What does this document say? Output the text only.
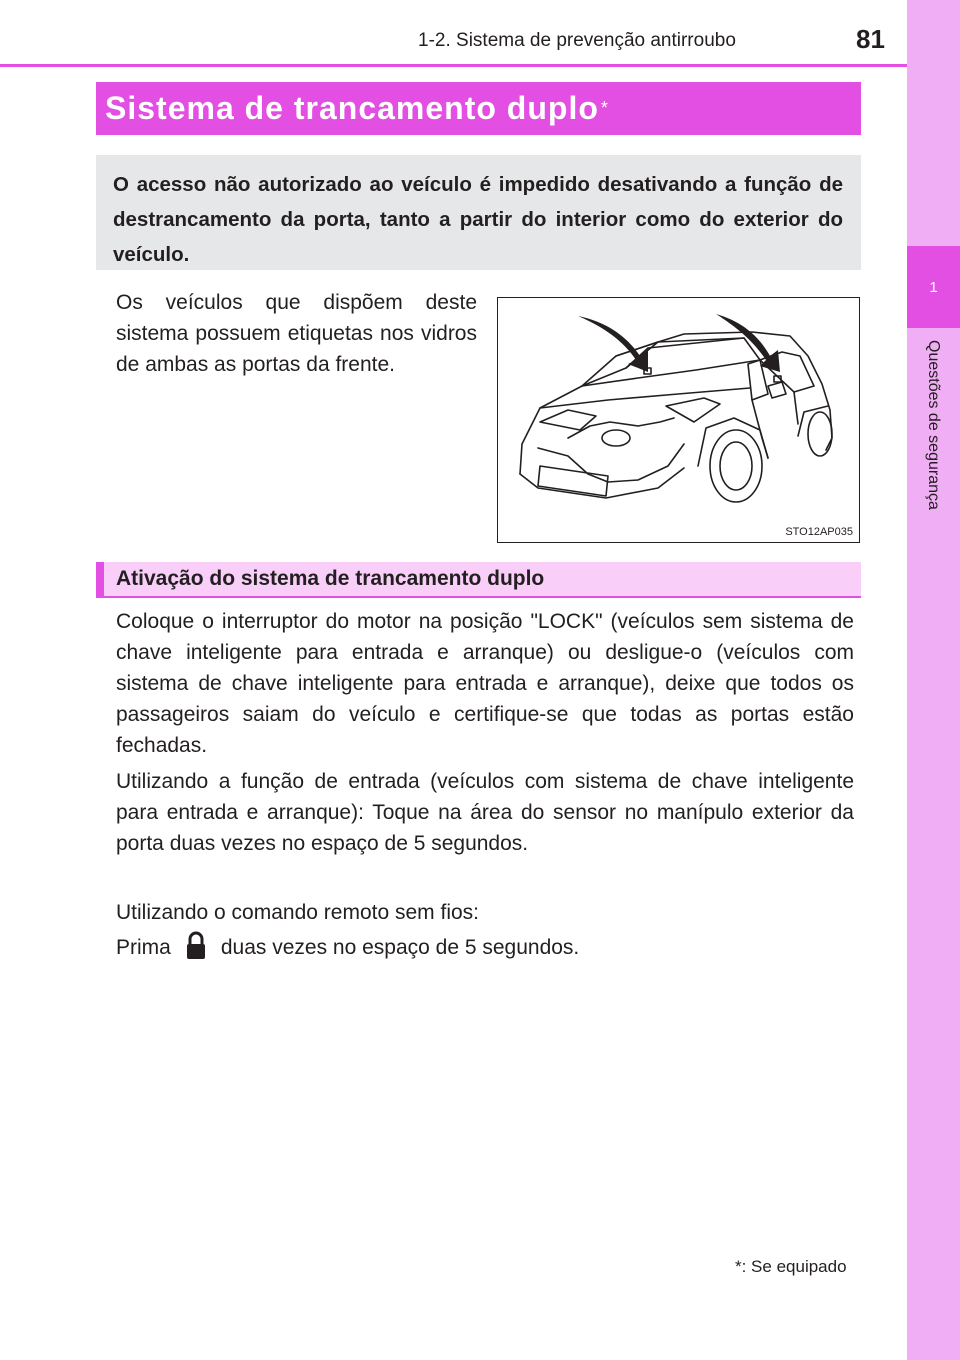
1
Questões de segurança
1-2. Sistema de prevenção antirroubo	81
Sistema de trancamento duplo *
O acesso não autorizado ao veículo é impedido desativando a função de destrancamento da porta, tanto a partir do interior como do exterior do veículo.
Os veículos que dispõem deste sistema possuem etiquetas nos vidros de ambas as portas da frente.
STO12AP035
Ativação do sistema de trancamento duplo
Coloque o interruptor do motor na posição "LOCK" (veículos sem sistema de chave inteligente para entrada e arranque) ou desligue-o (veículos com sistema de chave inteligente para entrada e arranque), deixe que todos os passageiros saiam do veículo e certifique-se que todas as portas estão fechadas.
Utilizando a função de entrada (veículos com sistema de chave inteligente para entrada e arranque): Toque na área do sensor no manípulo exterior da porta duas vezes no espaço de 5 segundos.
Utilizando o comando remoto sem fios:
Prima duas vezes no espaço de 5 segundos.
*: Se equipado
